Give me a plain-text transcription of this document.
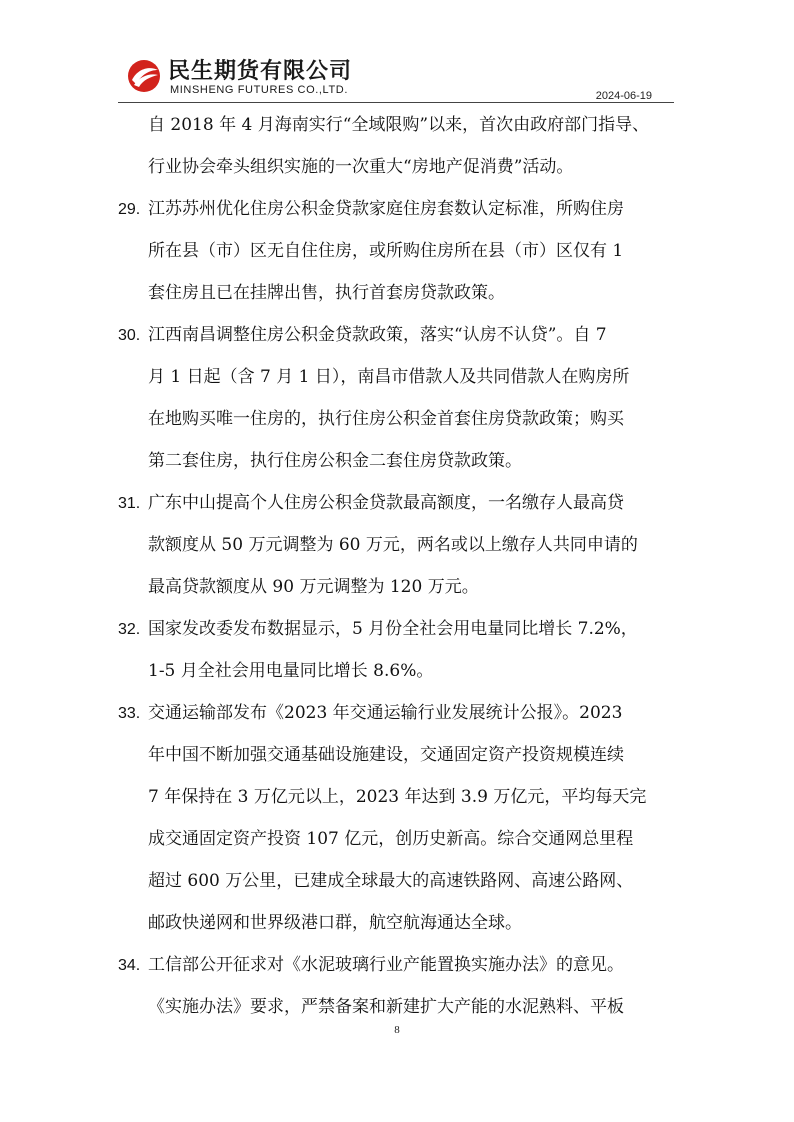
民生期货有限公司
MINSHENG FUTURES CO.,LTD.	2024-06-19
自 2018 年 4 月海南实行“全域限购”以来，首次由政府部门指导、
行业协会牵头组织实施的一次重大“房地产促消费”活动。
29. 江苏苏州优化住房公积金贷款家庭住房套数认定标准，所购住房
所在县（市）区无自住住房，或所购住房所在县（市）区仅有 1
套住房且已在挂牌出售，执行首套房贷款政策。
30. 江西南昌调整住房公积金贷款政策，落实“认房不认贷”。自 7
月 1 日起（含 7 月 1 日），南昌市借款人及共同借款人在购房所
在地购买唯一住房的，执行住房公积金首套住房贷款政策；购买
第二套住房，执行住房公积金二套住房贷款政策。
31. 广东中山提高个人住房公积金贷款最高额度，一名缴存人最高贷
款额度从 50 万元调整为 60 万元，两名或以上缴存人共同申请的
最高贷款额度从 90 万元调整为 120 万元。
32. 国家发改委发布数据显示，5 月份全社会用电量同比增长 7.2%，
1-5 月全社会用电量同比增长 8.6%。
33. 交通运输部发布《2023 年交通运输行业发展统计公报》。2023
年中国不断加强交通基础设施建设，交通固定资产投资规模连续
7 年保持在 3 万亿元以上，2023 年达到 3.9 万亿元，平均每天完
成交通固定资产投资 107 亿元，创历史新高。综合交通网总里程
超过 600 万公里，已建成全球最大的高速铁路网、高速公路网、
邮政快递网和世界级港口群，航空航海通达全球。
34. 工信部公开征求对《水泥玻璃行业产能置换实施办法》的意见。
《实施办法》要求，严禁备案和新建扩大产能的水泥熟料、平板
8
